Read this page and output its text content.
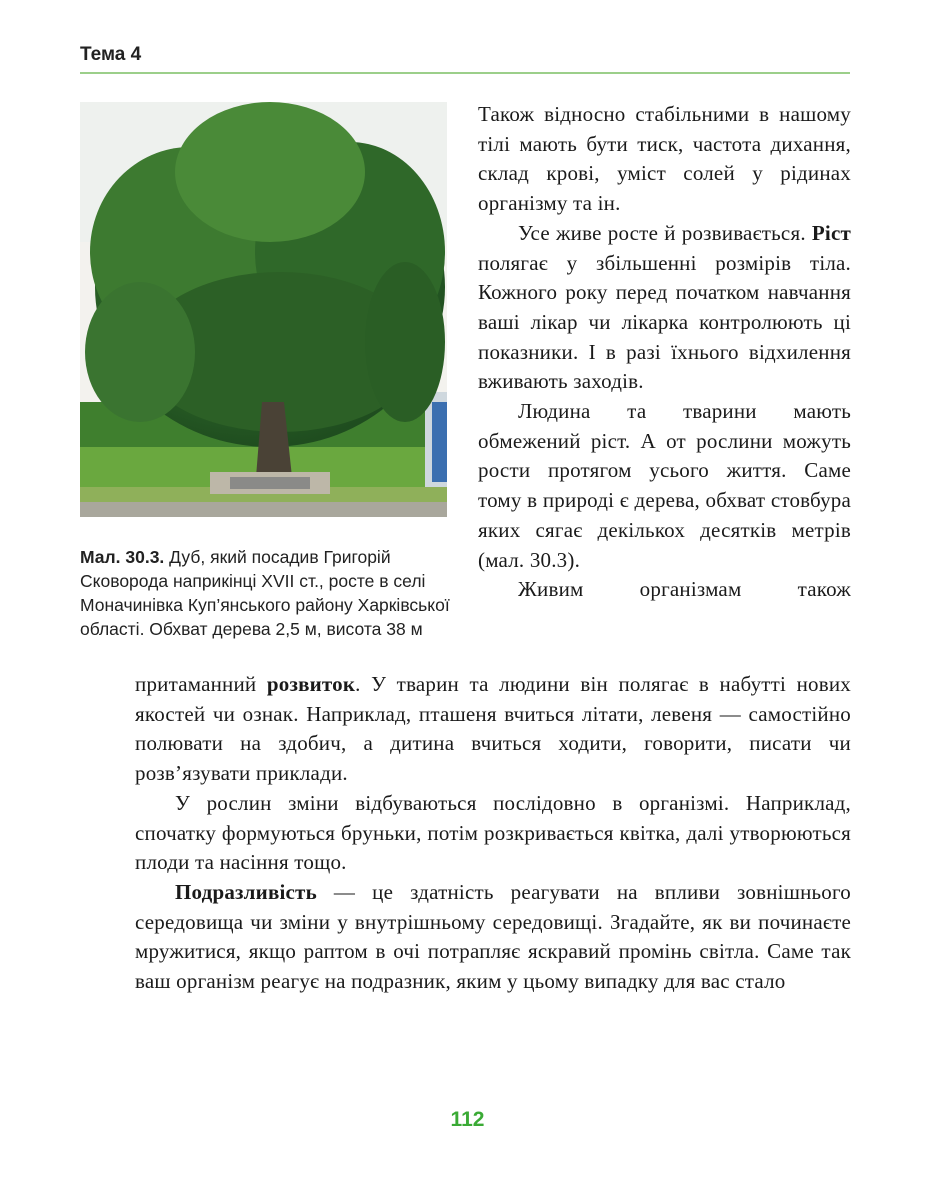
Тема 4
Мал. 30.3. Дуб, який посадив Григорій Сковорода наприкінці XVII ст., росте в селі Моначинівка Куп’янського району Харківської області. Обхват дерева 2,5 м, висота 38 м

Також відносно стабільними в нашому тілі мають бути тиск, частота дихання, склад крові, уміст солей у рідинах організму та ін.

Усе живе росте й розвивається. Ріст полягає у збільшенні розмірів тіла. Кожного року перед початком навчання ваші лікар чи лікарка контролюють ці показники. І в разі їхнього відхилення вживають заходів.

Людина та тварини мають обмежений ріст. А от рослини можуть рости протягом усього життя. Саме тому в природі є дерева, обхват стовбура яких сягає декількох десятків метрів (мал. 30.3).

Живим організмам також

притаманний розвиток. У тварин та людини він полягає в набутті нових якостей чи ознак. Наприклад, пташеня вчиться літати, левеня — самостійно полювати на здобич, а дитина вчиться ходити, говорити, писати чи розв’язувати приклади.

У рослин зміни відбуваються послідовно в організмі. Наприклад, спочатку формуються бруньки, потім розкривається квітка, далі утворюються плоди та насіння тощо.

Подразливість — це здатність реагувати на впливи зовнішнього середовища чи зміни у внутрішньому середовищі. Згадайте, як ви починаєте мружитися, якщо раптом в очі потрапляє яскравий промінь світла. Саме так ваш організм реагує на подразник, яким у цьому випадку для вас стало

112
